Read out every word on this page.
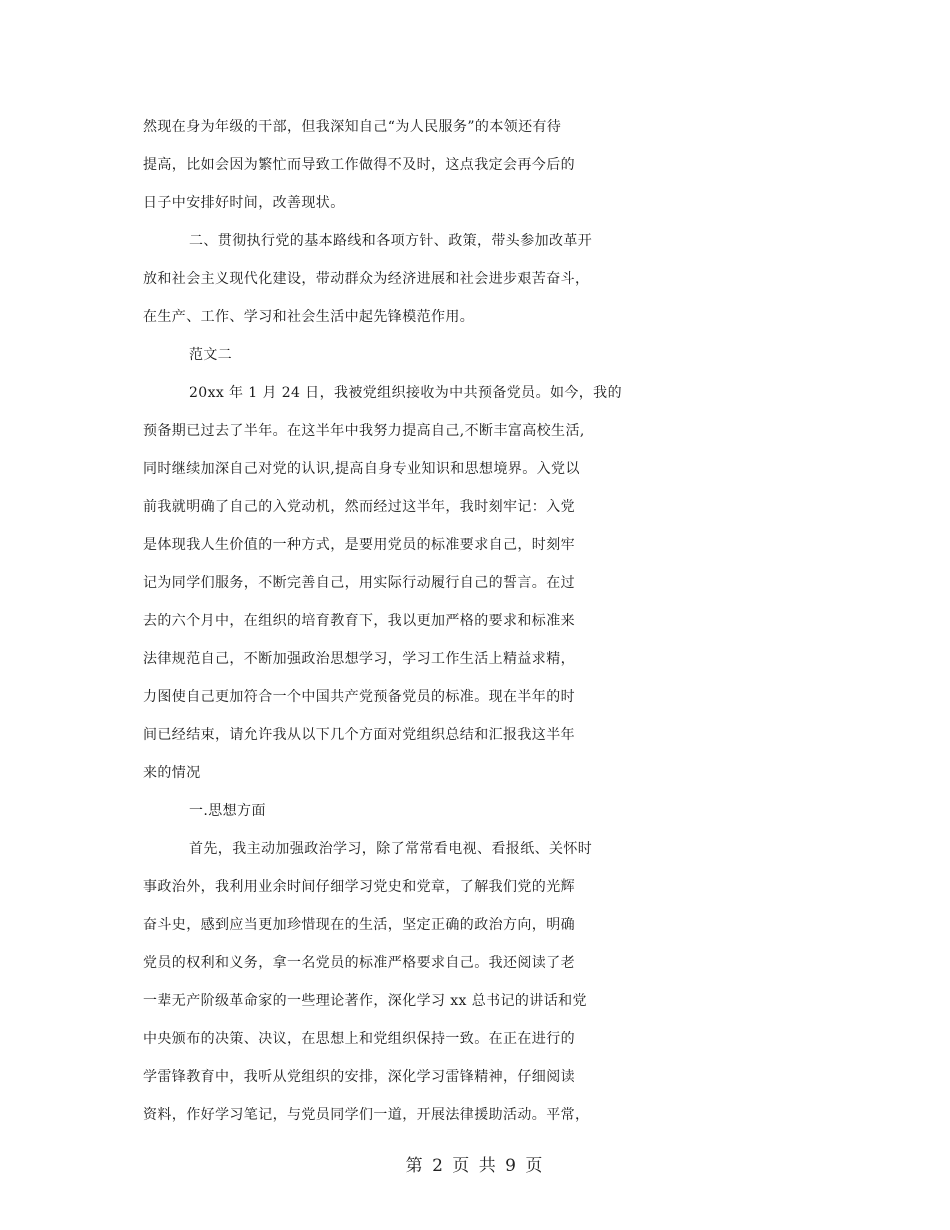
然现在身为年级的干部，但我深知自己“为人民服务”的本领还有待
提高，比如会因为繁忙而导致工作做得不及时，这点我定会再今后的
日子中安排好时间，改善现状。
二、贯彻执行党的基本路线和各项方针、政策，带头参加改革开
放和社会主义现代化建设，带动群众为经济进展和社会进步艰苦奋斗，
在生产、工作、学习和社会生活中起先锋模范作用。
范文二
20xx 年 1 月 24 日，我被党组织接收为中共预备党员。如今，我的
预备期已过去了半年。在这半年中我努力提高自己,不断丰富高校生活,
同时继续加深自己对党的认识,提高自身专业知识和思想境界。入党以
前我就明确了自己的入党动机，然而经过这半年，我时刻牢记：入党
是体现我人生价值的一种方式，是要用党员的标准要求自己，时刻牢
记为同学们服务，不断完善自己，用实际行动履行自己的誓言。在过
去的六个月中，在组织的培育教育下，我以更加严格的要求和标准来
法律规范自己，不断加强政治思想学习，学习工作生活上精益求精，
力图使自己更加符合一个中国共产党预备党员的标准。现在半年的时
间已经结束，请允许我从以下几个方面对党组织总结和汇报我这半年
来的情况
一.思想方面
首先，我主动加强政治学习，除了常常看电视、看报纸、关怀时
事政治外，我利用业余时间仔细学习党史和党章，了解我们党的光辉
奋斗史，感到应当更加珍惜现在的生活，坚定正确的政治方向，明确
党员的权利和义务，拿一名党员的标准严格要求自己。我还阅读了老
一辈无产阶级革命家的一些理论著作，深化学习 xx 总书记的讲话和党
中央颁布的决策、决议，在思想上和党组织保持一致。在正在进行的
学雷锋教育中，我听从党组织的安排，深化学习雷锋精神，仔细阅读
资料，作好学习笔记，与党员同学们一道，开展法律援助活动。平常，
第 2 页 共 9 页
